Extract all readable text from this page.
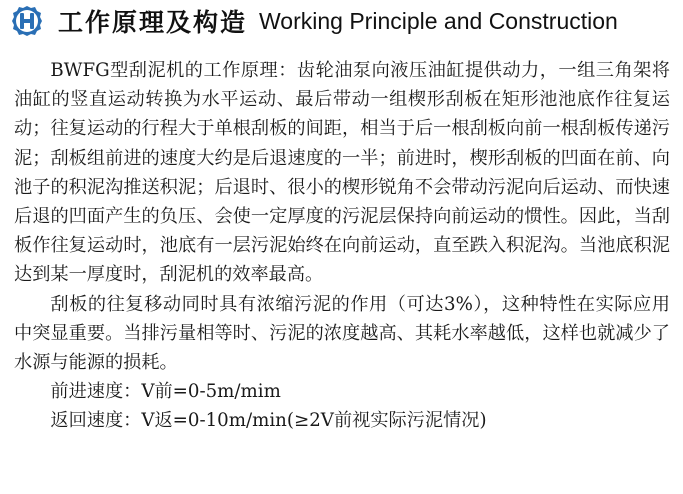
工作原理及构造 Working Principle and Construction

BWFG型刮泥机的工作原理：齿轮油泵向液压油缸提供动力，一组三角架将油缸的竖直运动转换为水平运动、最后带动一组楔形刮板在矩形池池底作往复运动；往复运动的行程大于单根刮板的间距，相当于后一根刮板向前一根刮板传递污泥；刮板组前进的速度大约是后退速度的一半；前进时，楔形刮板的凹面在前、向池子的积泥沟推送积泥；后退时、很小的楔形锐角不会带动污泥向后运动、而快速后退的凹面产生的负压、会使一定厚度的污泥层保持向前运动的惯性。因此，当刮板作往复运动时，池底有一层污泥始终在向前运动，直至跌入积泥沟。当池底积泥达到某一厚度时，刮泥机的效率最高。

刮板的往复移动同时具有浓缩污泥的作用（可达3%），这种特性在实际应用中突显重要。当排污量相等时、污泥的浓度越高、其耗水率越低，这样也就减少了水源与能源的损耗。

前进速度：V前=0-5m/mim

返回速度：V返=0-10m/min(≥2V前视实际污泥情况)
